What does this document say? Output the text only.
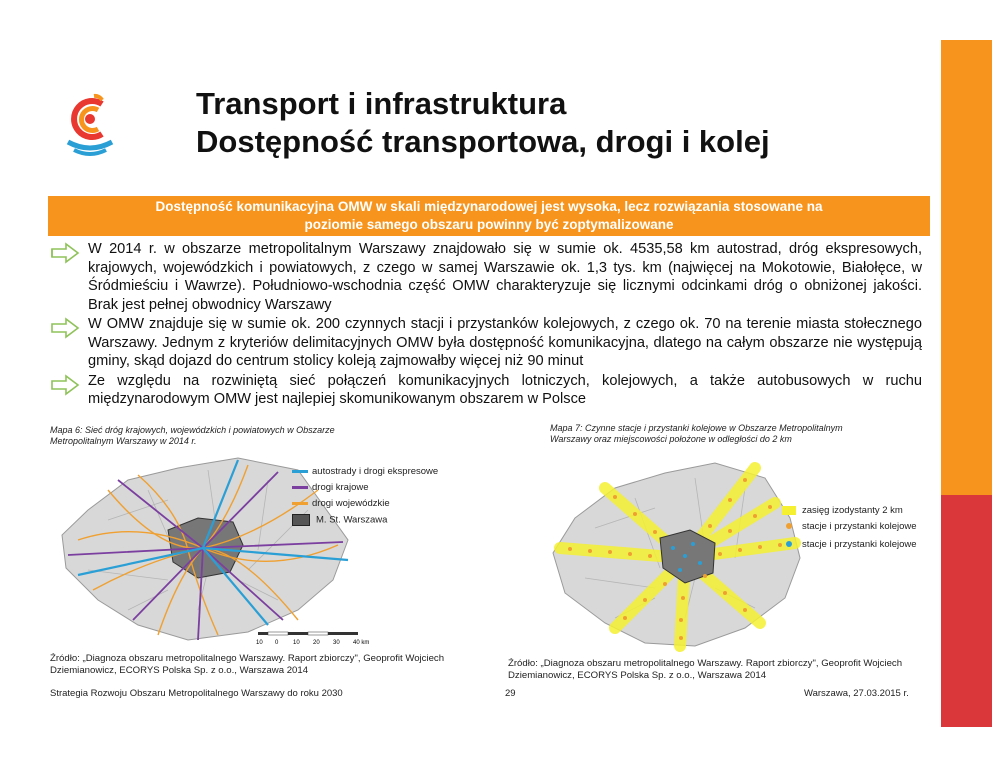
Transport i infrastruktura
Dostępność transportowa, drogi i kolej
Dostępność komunikacyjna OMW w skali międzynarodowej jest wysoka, lecz rozwiązania stosowane na
poziomie samego obszaru powinny być zoptymalizowane
W 2014 r. w obszarze metropolitalnym Warszawy znajdowało się w sumie ok. 4535,58 km autostrad, dróg ekspresowych, krajowych, wojewódzkich i powiatowych, z czego w samej Warszawie ok. 1,3 tys. km (najwięcej na Mokotowie, Białołęce, w Śródmieściu i Wawrze). Południowo-wschodnia część OMW charakteryzuje się licznymi odcinkami dróg o obniżonej jakości. Brak jest pełnej obwodnicy Warszawy
W OMW znajduje się w sumie ok. 200 czynnych stacji i przystanków kolejowych, z czego ok. 70 na terenie miasta stołecznego Warszawy. Jednym z kryteriów delimitacyjnych OMW była dostępność komunikacyjna, dlatego na całym obszarze nie występują gminy, skąd dojazd do centrum stolicy koleją zajmowałby więcej niż 90 minut
Ze względu na rozwiniętą sieć połączeń komunikacyjnych lotniczych, kolejowych, a także autobusowych w ruchu międzynarodowym OMW jest najlepiej skomunikowanym obszarem w Polsce
Mapa 6: Sieć dróg krajowych, wojewódzkich i powiatowych w Obszarze
Metropolitalnym Warszawy w 2014 r.
10 0 10 20 30 40 km
autostrady i drogi ekspresowe
drogi krajowe
drogi wojewódzkie
M. St. Warszawa
Źródło: „Diagnoza obszaru metropolitalnego Warszawy. Raport zbiorczy", Geoprofit Wojciech
Dziemianowicz, ECORYS Polska Sp. z o.o., Warszawa 2014
Mapa 7: Czynne stacje i przystanki kolejowe w Obszarze Metropolitalnym
Warszawy oraz miejscowości położone w odległości do 2 km
zasięg izodystanty 2 km
stacje i przystanki kolejowe
stacje i przystanki kolejowe
Źródło: „Diagnoza obszaru metropolitalnego Warszawy. Raport zbiorczy", Geoprofit Wojciech
Dziemianowicz, ECORYS Polska Sp. z o.o., Warszawa 2014
Strategia Rozwoju Obszaru Metropolitalnego Warszawy do roku 2030	29	Warszawa, 27.03.2015 r.
